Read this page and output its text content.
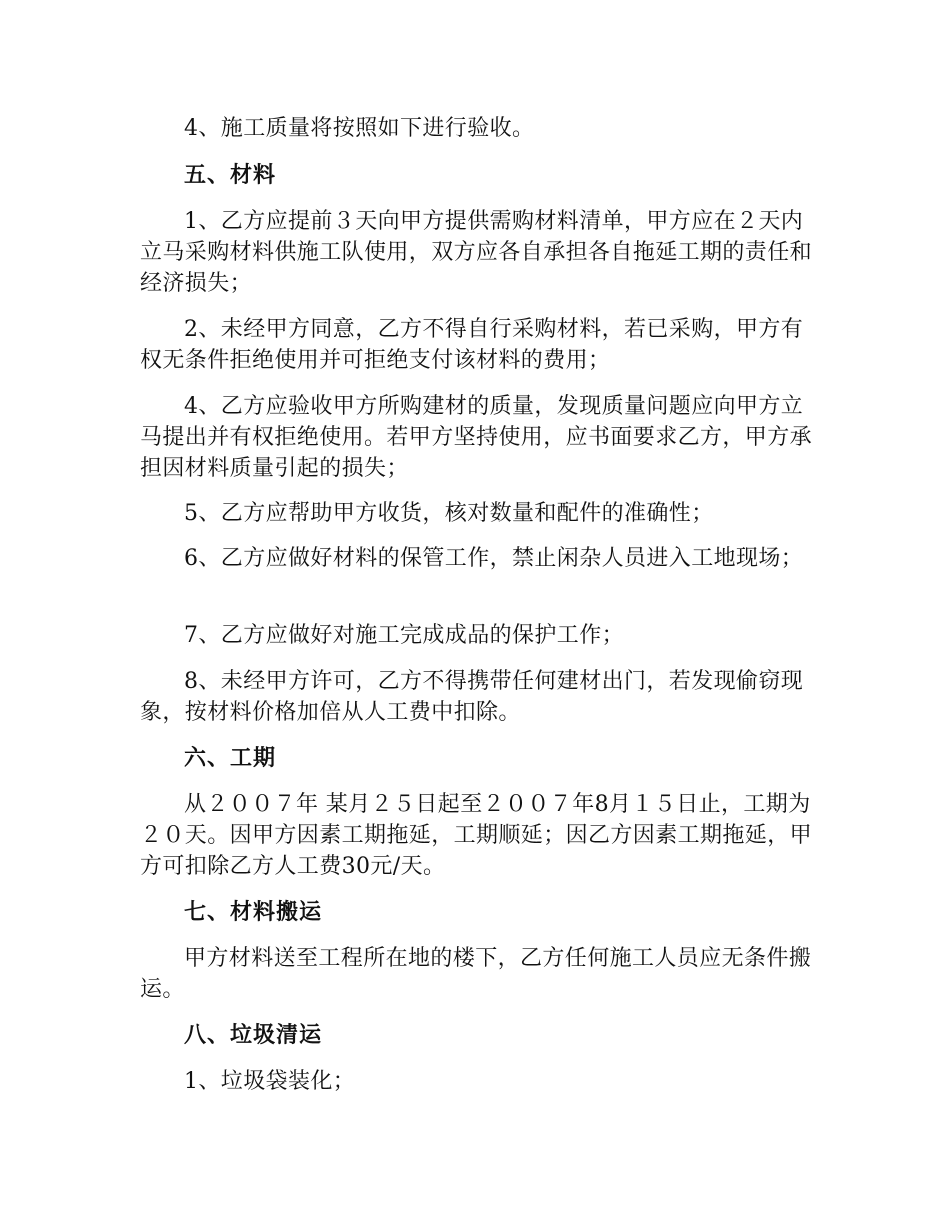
4、施工质量将按照如下进行验收。

五、材料

1、乙方应提前３天向甲方提供需购材料清单，甲方应在２天内立马采购材料供施工队使用，双方应各自承担各自拖延工期的责任和经济损失；

2、未经甲方同意，乙方不得自行采购材料，若已采购，甲方有权无条件拒绝使用并可拒绝支付该材料的费用；

4、乙方应验收甲方所购建材的质量，发现质量问题应向甲方立马提出并有权拒绝使用。若甲方坚持使用，应书面要求乙方，甲方承担因材料质量引起的损失；

5、乙方应帮助甲方收货，核对数量和配件的准确性；

6、乙方应做好材料的保管工作，禁止闲杂人员进入工地现场；

7、乙方应做好对施工完成成品的保护工作；

8、未经甲方许可，乙方不得携带任何建材出门，若发现偷窃现象，按材料价格加倍从人工费中扣除。

六、工期

从２００７年 某月２５日起至２００７年8月１５日止，工期为２０天。因甲方因素工期拖延，工期顺延；因乙方因素工期拖延，甲方可扣除乙方人工费30元/天。

七、材料搬运

甲方材料送至工程所在地的楼下，乙方任何施工人员应无条件搬运。

八、垃圾清运

1、垃圾袋装化；
